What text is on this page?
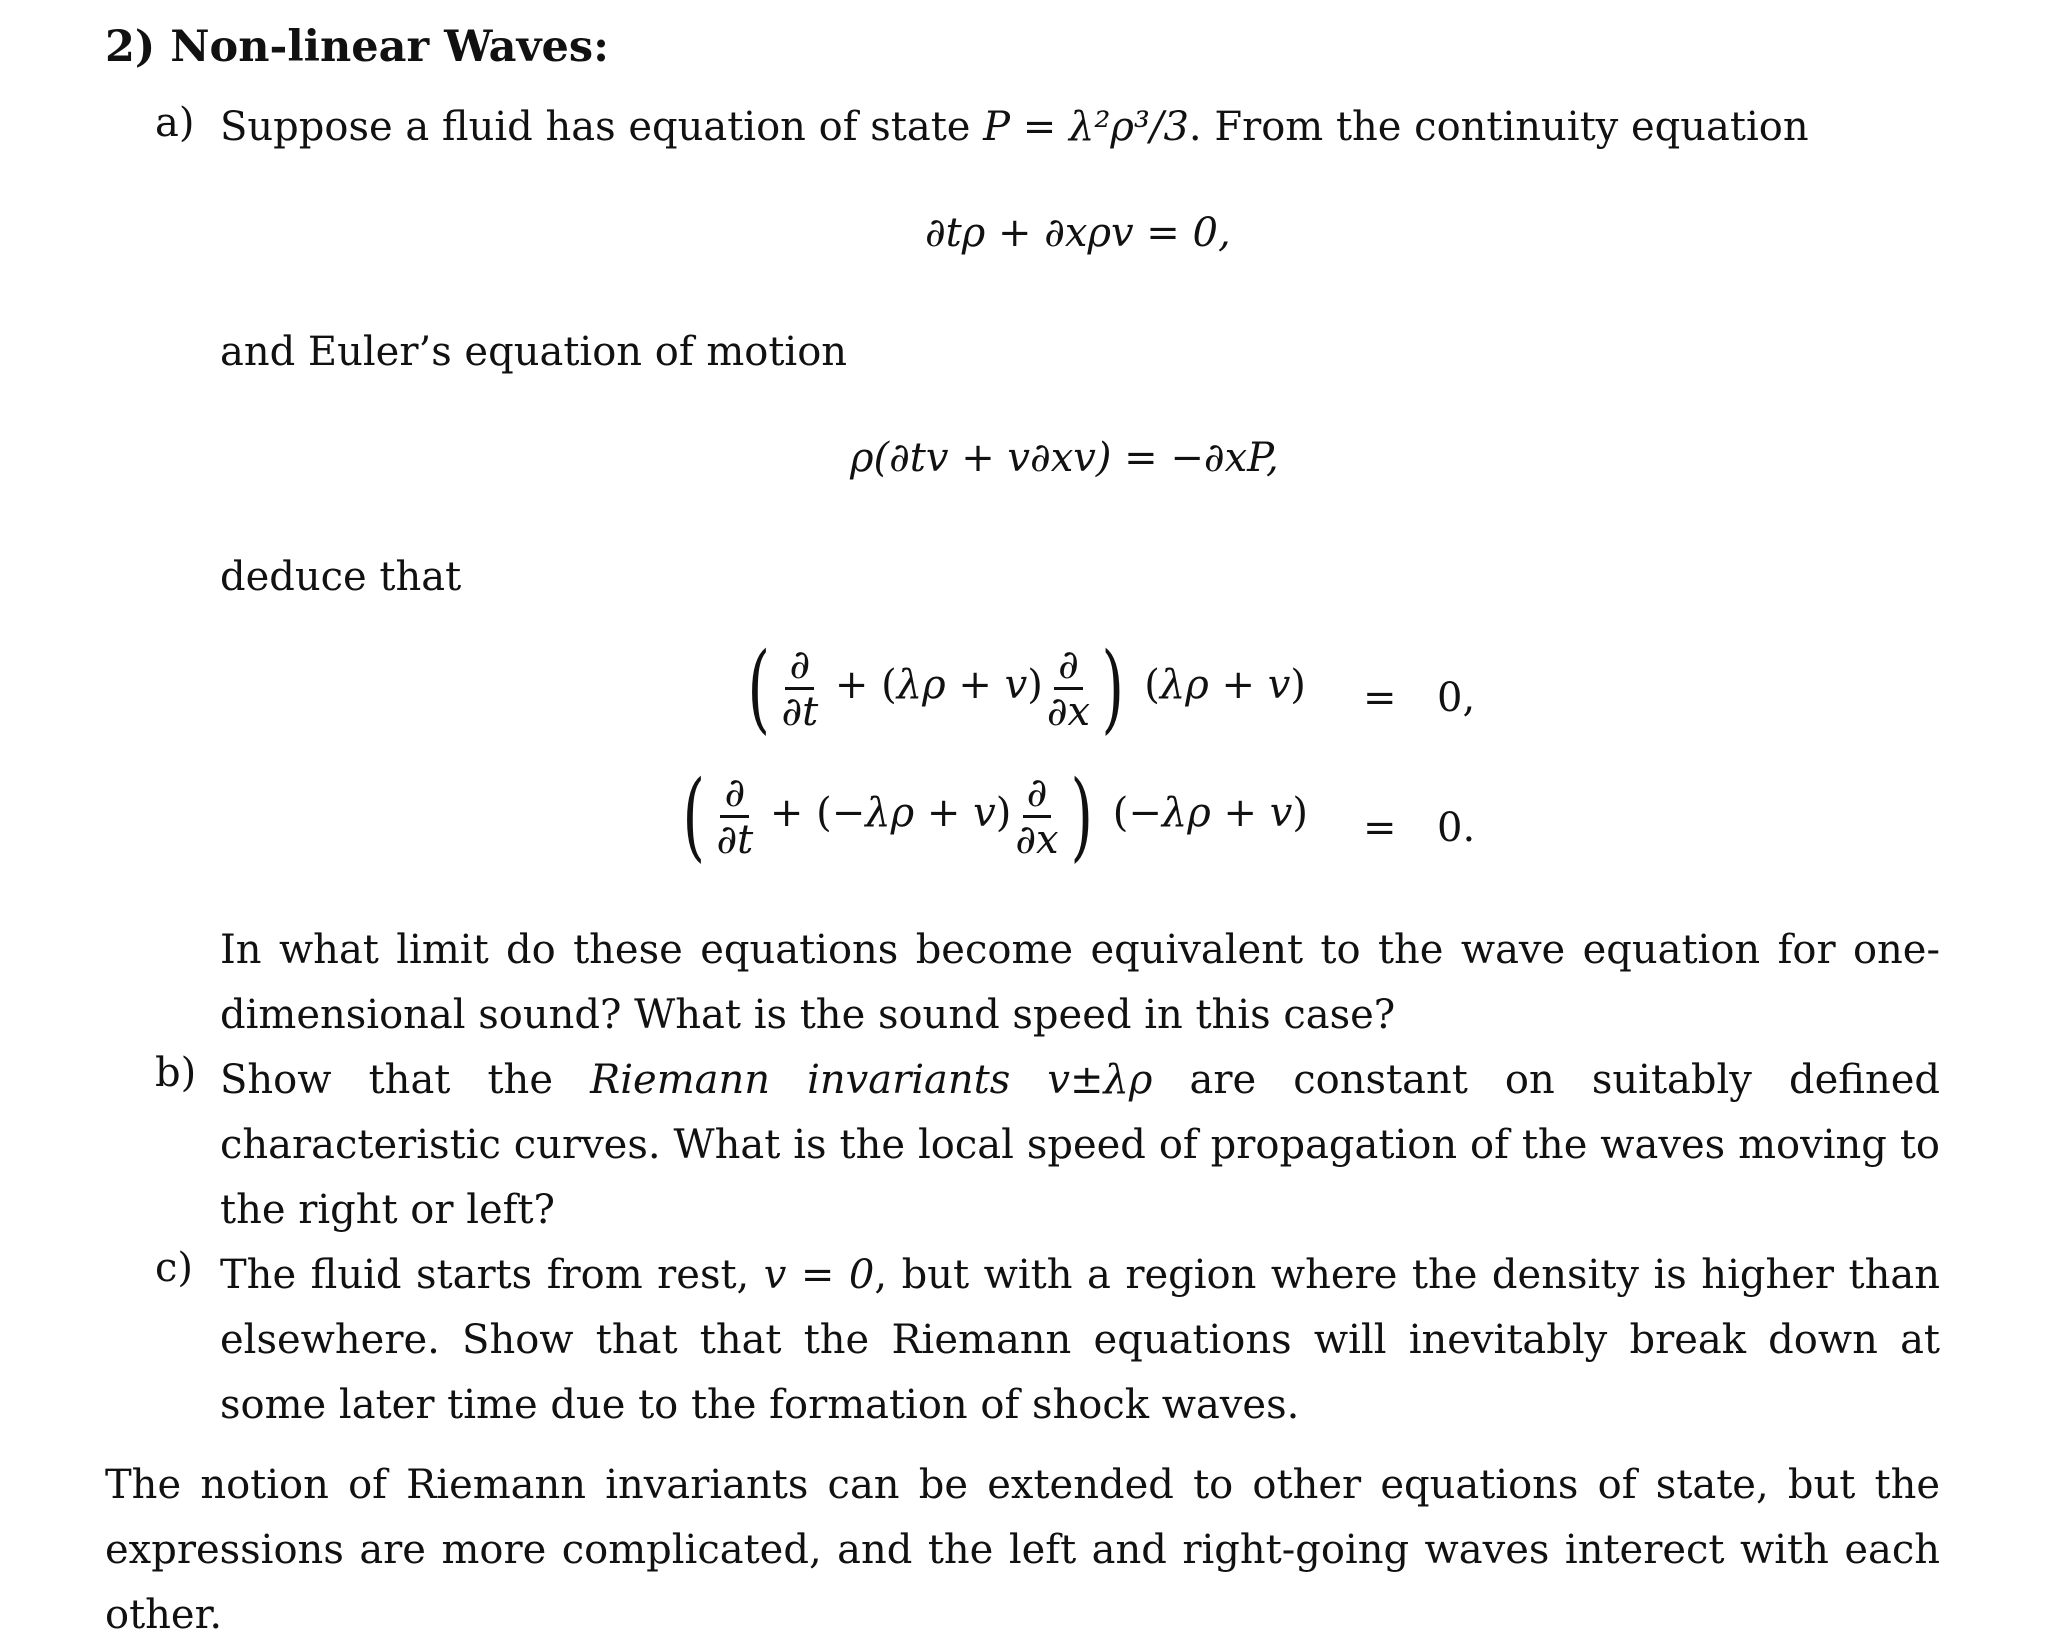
2) Non-linear Waves:
a) Suppose a fluid has equation of state P = λ²ρ³/3. From the continuity equation
∂tρ + ∂xρv = 0,
and Euler’s equation of motion
ρ(∂tv + v∂xv) = −∂xP,
deduce that
( $\frac{\partial}{\partial t} + (\lambda\rho + v) \frac{\partial}{\partial x}$ ) (λρ + v) = 0,
( $\frac{\partial}{\partial t} + (-\lambda\rho + v) \frac{\partial}{\partial x}$ ) (−λρ + v) = 0.
In what limit do these equations become equivalent to the wave equation for one-dimensional sound? What is the sound speed in this case?
b) Show that the Riemann invariants v±λρ are constant on suitably defined characteristic curves. What is the local speed of propagation of the waves moving to the right or left?
c) The fluid starts from rest, v = 0, but with a region where the density is higher than elsewhere. Show that that the Riemann equations will inevitably break down at some later time due to the formation of shock waves.
The notion of Riemann invariants can be extended to other equations of state, but the expressions are more complicated, and the left and right-going waves interect with each other.
